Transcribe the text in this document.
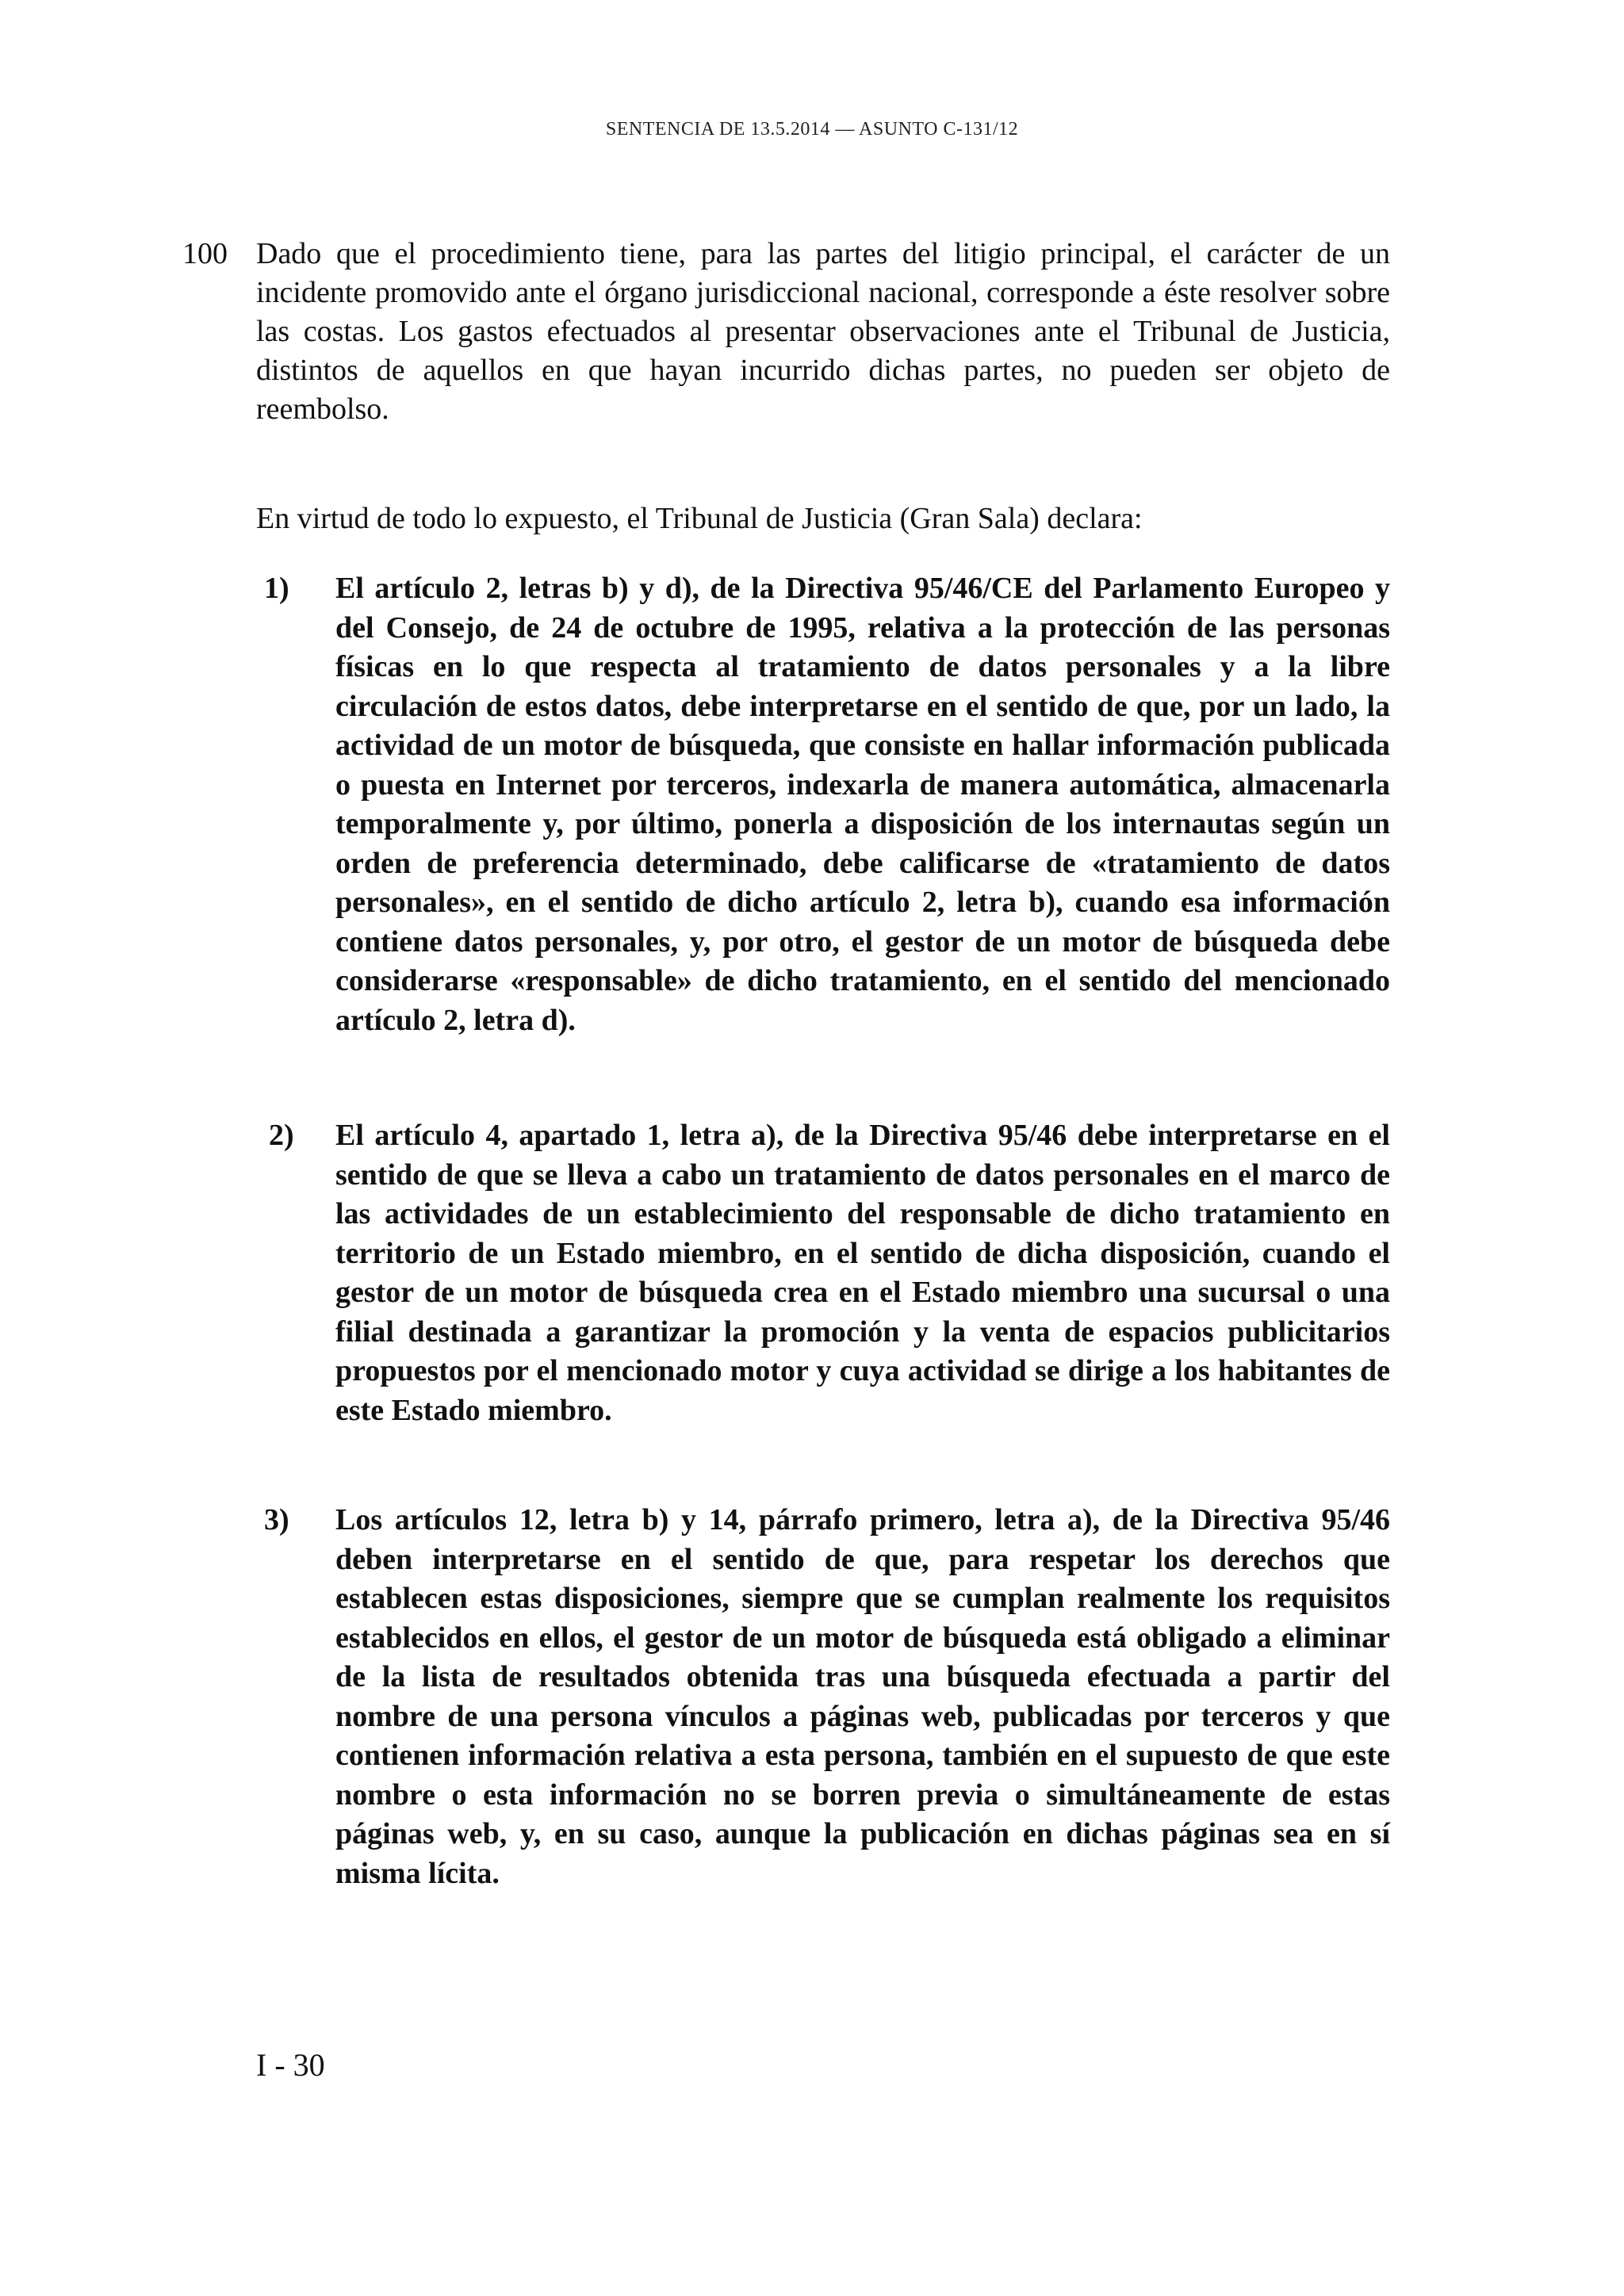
SENTENCIA DE 13.5.2014 — ASUNTO C-131/12
100 Dado que el procedimiento tiene, para las partes del litigio principal, el carácter de un incidente promovido ante el órgano jurisdiccional nacional, corresponde a éste resolver sobre las costas. Los gastos efectuados al presentar observaciones ante el Tribunal de Justicia, distintos de aquellos en que hayan incurrido dichas partes, no pueden ser objeto de reembolso.
En virtud de todo lo expuesto, el Tribunal de Justicia (Gran Sala) declara:
1)	El artículo 2, letras b) y d), de la Directiva 95/46/CE del Parlamento Europeo y del Consejo, de 24 de octubre de 1995, relativa a la protección de las personas físicas en lo que respecta al tratamiento de datos personales y a la libre circulación de estos datos, debe interpretarse en el sentido de que, por un lado, la actividad de un motor de búsqueda, que consiste en hallar información publicada o puesta en Internet por terceros, indexarla de manera automática, almacenarla temporalmente y, por último, ponerla a disposición de los internautas según un orden de preferencia determinado, debe calificarse de «tratamiento de datos personales», en el sentido de dicho artículo 2, letra b), cuando esa información contiene datos personales, y, por otro, el gestor de un motor de búsqueda debe considerarse «responsable» de dicho tratamiento, en el sentido del mencionado artículo 2, letra d).
2)	El artículo 4, apartado 1, letra a), de la Directiva 95/46 debe interpretarse en el sentido de que se lleva a cabo un tratamiento de datos personales en el marco de las actividades de un establecimiento del responsable de dicho tratamiento en territorio de un Estado miembro, en el sentido de dicha disposición, cuando el gestor de un motor de búsqueda crea en el Estado miembro una sucursal o una filial destinada a garantizar la promoción y la venta de espacios publicitarios propuestos por el mencionado motor y cuya actividad se dirige a los habitantes de este Estado miembro.
3)	Los artículos 12, letra b) y 14, párrafo primero, letra a), de la Directiva 95/46 deben interpretarse en el sentido de que, para respetar los derechos que establecen estas disposiciones, siempre que se cumplan realmente los requisitos establecidos en ellos, el gestor de un motor de búsqueda está obligado a eliminar de la lista de resultados obtenida tras una búsqueda efectuada a partir del nombre de una persona vínculos a páginas web, publicadas por terceros y que contienen información relativa a esta persona, también en el supuesto de que este nombre o esta información no se borren previa o simultáneamente de estas páginas web, y, en su caso, aunque la publicación en dichas páginas sea en sí misma lícita.
I - 30
